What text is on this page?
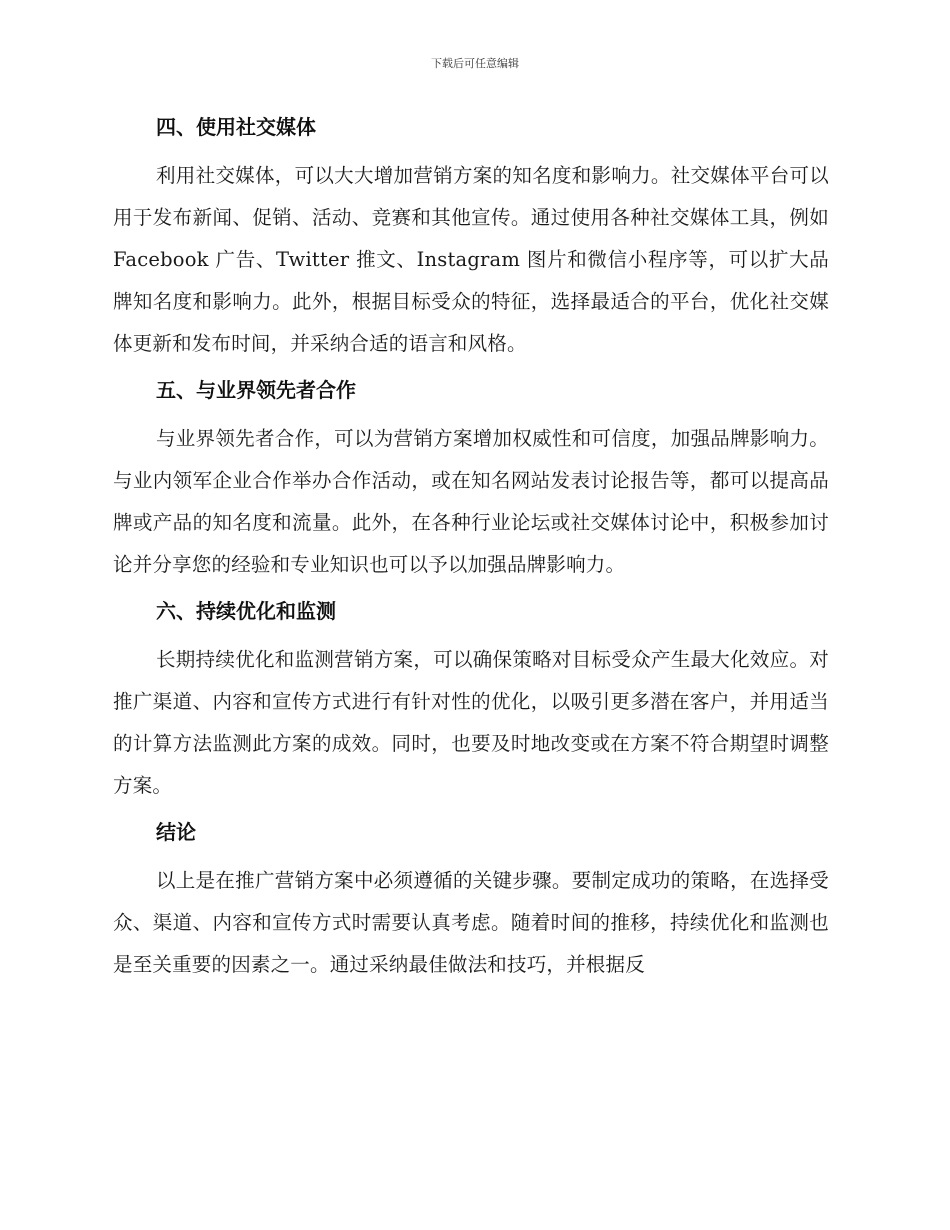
下载后可任意编辑
四、使用社交媒体

利用社交媒体，可以大大增加营销方案的知名度和影响力。社交媒体平台可以用于发布新闻、促销、活动、竞赛和其他宣传。通过使用各种社交媒体工具，例如 Facebook 广告、Twitter 推文、Instagram 图片和微信小程序等，可以扩大品牌知名度和影响力。此外，根据目标受众的特征，选择最适合的平台，优化社交媒体更新和发布时间，并采纳合适的语言和风格。

五、与业界领先者合作

与业界领先者合作，可以为营销方案增加权威性和可信度，加强品牌影响力。与业内领军企业合作举办合作活动，或在知名网站发表讨论报告等，都可以提高品牌或产品的知名度和流量。此外，在各种行业论坛或社交媒体讨论中，积极参加讨论并分享您的经验和专业知识也可以予以加强品牌影响力。

六、持续优化和监测

长期持续优化和监测营销方案，可以确保策略对目标受众产生最大化效应。对推广渠道、内容和宣传方式进行有针对性的优化，以吸引更多潜在客户，并用适当的计算方法监测此方案的成效。同时，也要及时地改变或在方案不符合期望时调整方案。

结论

以上是在推广营销方案中必须遵循的关键步骤。要制定成功的策略，在选择受众、渠道、内容和宣传方式时需要认真考虑。随着时间的推移，持续优化和监测也是至关重要的因素之一。通过采纳最佳做法和技巧，并根据反
